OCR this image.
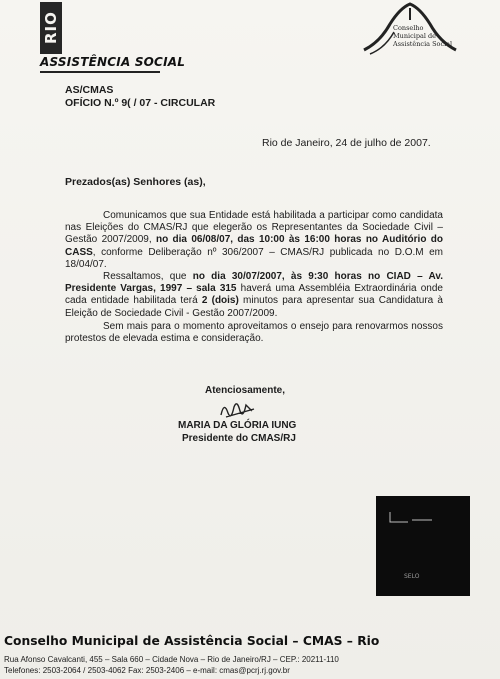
RIO
ASSISTÊNCIA SOCIAL
Conselho
Municipal de
Assistência Social
AS/CMAS
OFÍCIO N.º 9( / 07 - CIRCULAR
Rio de Janeiro, 24 de julho de 2007.
Prezados(as) Senhores (as),
Comunicamos que sua Entidade está habilitada a participar como candidata nas Eleições do CMAS/RJ que elegerão os Representantes da Sociedade Civil – Gestão 2007/2009, no dia 06/08/07, das 10:00 às 16:00 horas no Auditório do CASS, conforme Deliberação nº 306/2007 – CMAS/RJ publicada no D.O.M em 18/04/07.
Ressaltamos, que no dia 30/07/2007, às 9:30 horas no CIAD – Av. Presidente Vargas, 1997 – sala 315 haverá uma Assembléia Extraordinária onde cada entidade habilitada terá 2 (dois) minutos para apresentar sua Candidatura à Eleição de Sociedade Civil - Gestão 2007/2009.
Sem mais para o momento aproveitamos o ensejo para renovarmos nossos protestos de elevada estima e consideração.
Atenciosamente,
MARIA DA GLÓRIA IUNG
Presidente do CMAS/RJ
SELO
Conselho Municipal de Assistência Social – CMAS – Rio
Rua Afonso Cavalcanti, 455 – Sala 660 – Cidade Nova – Rio de Janeiro/RJ – CEP.: 20211-110
Telefones: 2503-2064 / 2503-4062 Fax: 2503-2406 – e-mail: cmas@pcrj.rj.gov.br
